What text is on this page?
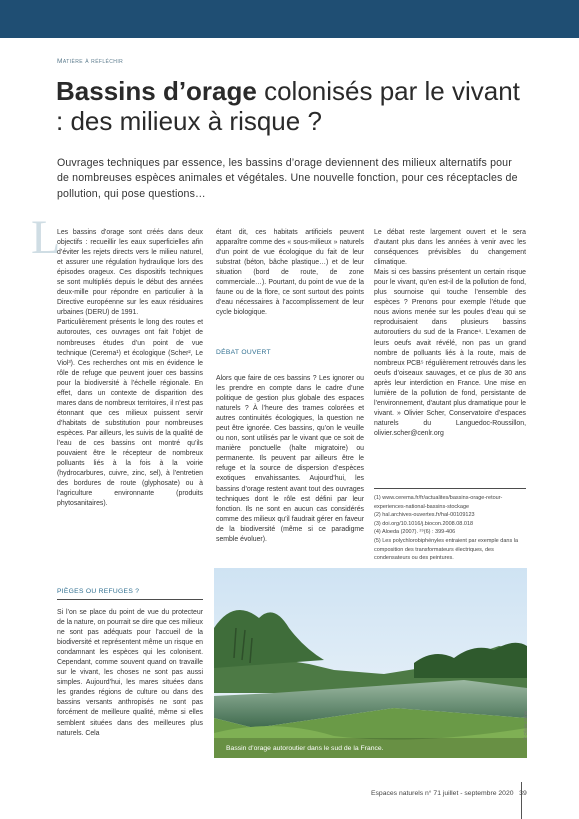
Matière à réfléchir
Bassins d’orage colonisés par le vivant : des milieux à risque ?

Ouvrages techniques par essence, les bassins d’orage deviennent des milieux alternatifs pour de nombreuses espèces animales et végétales. Une nouvelle fonction, pour ces réceptacles de pollution, qui pose questions…

L

Les bassins d’orage sont créés dans deux objectifs : recueillir les eaux superficielles afin d’éviter les rejets directs vers le milieu naturel, et assurer une régulation hydraulique lors des épisodes orageux. Ces dispositifs techniques se sont multipliés depuis le début des années deux-mille pour répondre en particulier à la Directive européenne sur les eaux résiduaires urbaines (DERU) de 1991.

Particulièrement présents le long des routes et autoroutes, ces ouvrages ont fait l’objet de nombreuses études d’un point de vue technique (Cerema¹) et écologique (Scher², Le Viol³). Ces recherches ont mis en évidence le rôle de refuge que peuvent jouer ces bassins pour la biodiversité à l’échelle régionale. En effet, dans un contexte de disparition des mares dans de nombreux territoires, il n’est pas étonnant que ces milieux puissent servir d’habitats de substitution pour nombreuses espèces. Par ailleurs, les suivis de la qualité de l’eau de ces bassins ont montré qu’ils pouvaient être le récepteur de nombreux polluants liés à la fois à la voirie (hydrocarbures, cuivre, zinc, sel), à l’entretien des bordures de route (glyphosate) ou à l’agriculture environnante (produits phytosanitaires).

PIÈGES OU REFUGES ?

Si l’on se place du point de vue du protecteur de la nature, on pourrait se dire que ces milieux ne sont pas adéquats pour l’accueil de la biodiversité et représentent même un risque en condamnant les espèces qui les colonisent. Cependant, comme souvent quand on travaille sur le vivant, les choses ne sont pas aussi simples. Aujourd’hui, les mares situées dans les grandes régions de culture ou dans des bassins versants anthropisés ne sont pas forcément de meilleure qualité, même si elles semblent situées dans des meilleures plus naturels. Cela

étant dit, ces habitats artificiels peuvent apparaître comme des « sous-milieux » naturels d’un point de vue écologique du fait de leur substrat (béton, bâche plastique…) et de leur situation (bord de route, de zone commerciale…). Pourtant, du point de vue de la faune ou de la flore, ce sont surtout des points d’eau nécessaires à l’accomplissement de leur cycle biologique.

DÉBAT OUVERT

Alors que faire de ces bassins ? Les ignorer ou les prendre en compte dans le cadre d’une politique de gestion plus globale des espaces naturels ? À l’heure des trames colorées et autres continuités écologiques, la question ne peut être ignorée. Ces bassins, qu’on le veuille ou non, sont utilisés par le vivant que ce soit de manière ponctuelle (halte migratoire) ou permanente. Ils peuvent par ailleurs être le refuge et la source de dispersion d’espèces exotiques envahissantes. Aujourd’hui, les bassins d’orage restent avant tout des ouvrages techniques dont le rôle est défini par leur fonction. Ils ne sont en aucun cas considérés comme des milieux qu’il faudrait gérer en faveur de la biodiversité (même si ce paradigme semble évoluer).

Le débat reste largement ouvert et le sera d’autant plus dans les années à venir avec les conséquences prévisibles du changement climatique.
Mais si ces bassins présentent un certain risque pour le vivant, qu’en est-il de la pollution de fond, plus sournoise qui touche l’ensemble des espèces ? Prenons pour exemple l’étude que nous avions menée sur les poules d’eau qui se reproduisaient dans plusieurs bassins autoroutiers du sud de la France⁴. L’examen de leurs oeufs avait révélé, non pas un grand nombre de polluants liés à la route, mais de nombreux PCB⁵ régulièrement retrouvés dans les oeufs d’oiseaux sauvages, et ce plus de 30 ans après leur interdiction en France. Une mise en lumière de la pollution de fond, persistante de l’environnement, d’autant plus dramatique pour le vivant. » Olivier Scher, Conservatoire d’espaces naturels du Languedoc-Roussillon, olivier.scher@cenlr.org

(1) www.cerema.fr/fr/actualites/bassins-orage-retour-experiences-national-bassins-stockage
(2) hal.archives-ouvertes.fr/hal-00109123
(3) doi.org/10.1016/j.biocon.2008.08.018
(4) Aloeda (2007). ²⁹(6) : 399-406
(5) Les polychlorobiphényles entraient par exemple dans la composition des transformateurs électriques, des condensateurs ou des peintures.
Bassin d’orage autoroutier dans le sud de la France.
© Olivier Scher
Espaces naturels n° 71 juillet - septembre 2020   39
